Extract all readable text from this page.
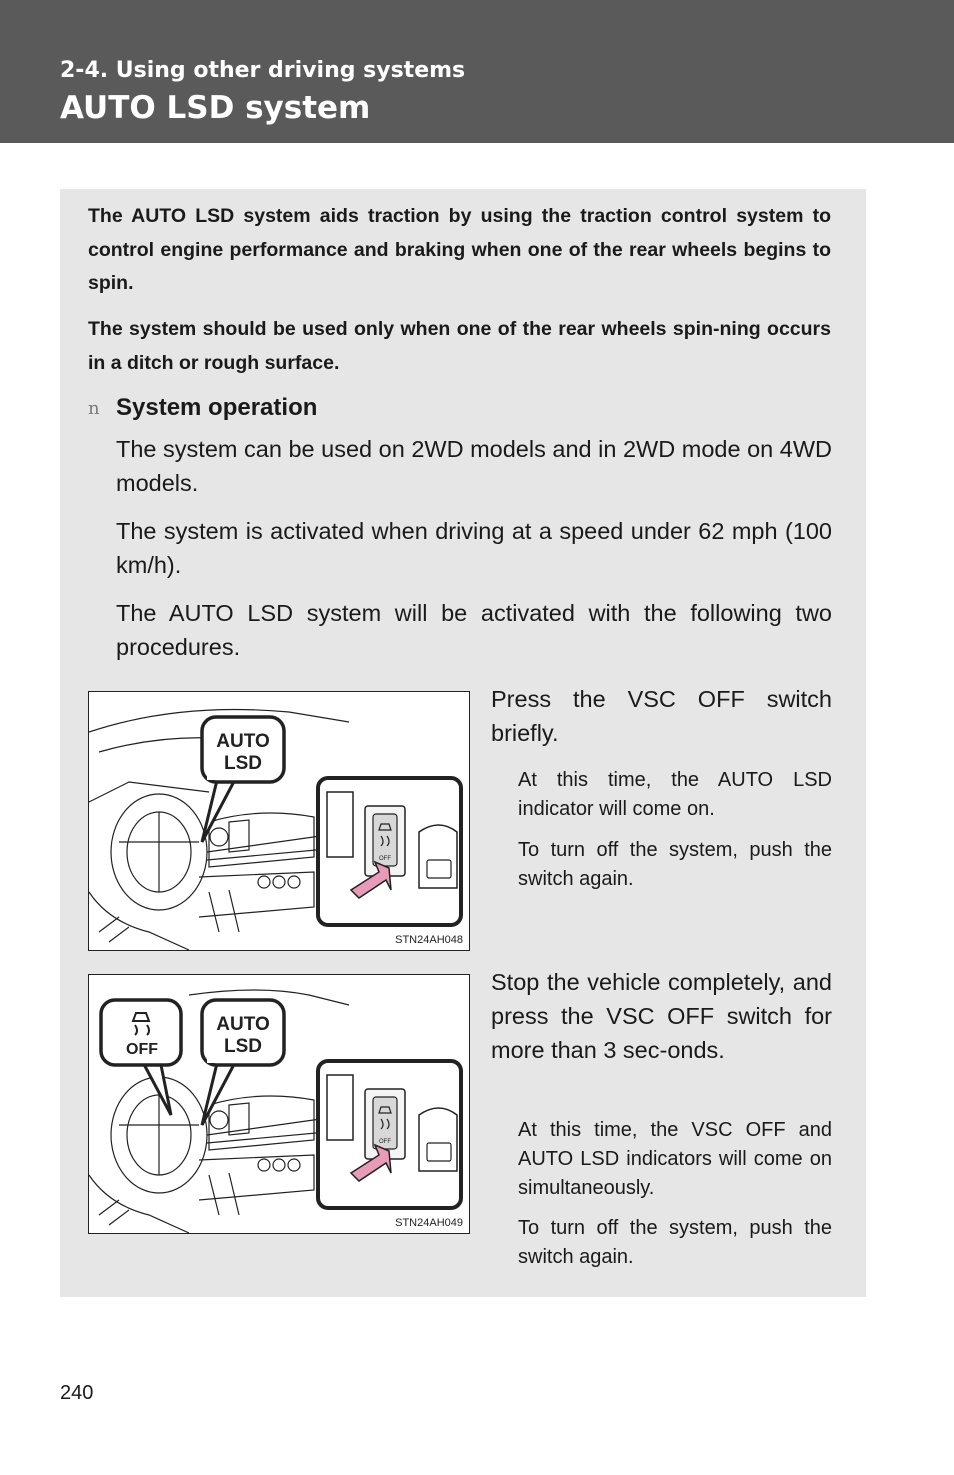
2-4. Using other driving systems
AUTO LSD system
The AUTO LSD system aids traction by using the traction control system to control engine performance and braking when one of the rear wheels begins to spin.
The system should be used only when one of the rear wheels spin-ning occurs in a ditch or rough surface.
n System operation
The system can be used on 2WD models and in 2WD mode on 4WD models.
The system is activated when driving at a speed under 62 mph (100 km/h).
The AUTO LSD system will be activated with the following two procedures.
OFF
AUTO
LSD
STN24AH048
Press the VSC OFF switch briefly.
At this time, the AUTO LSD indicator will come on.
To turn off the system, push the switch again.
OFF
OFF
AUTO
LSD
STN24AH049
Stop the vehicle completely, and press the VSC OFF switch for more than 3 sec-onds.
At this time, the VSC OFF and AUTO LSD indicators will come on simultaneously.
To turn off the system, push the switch again.
240
